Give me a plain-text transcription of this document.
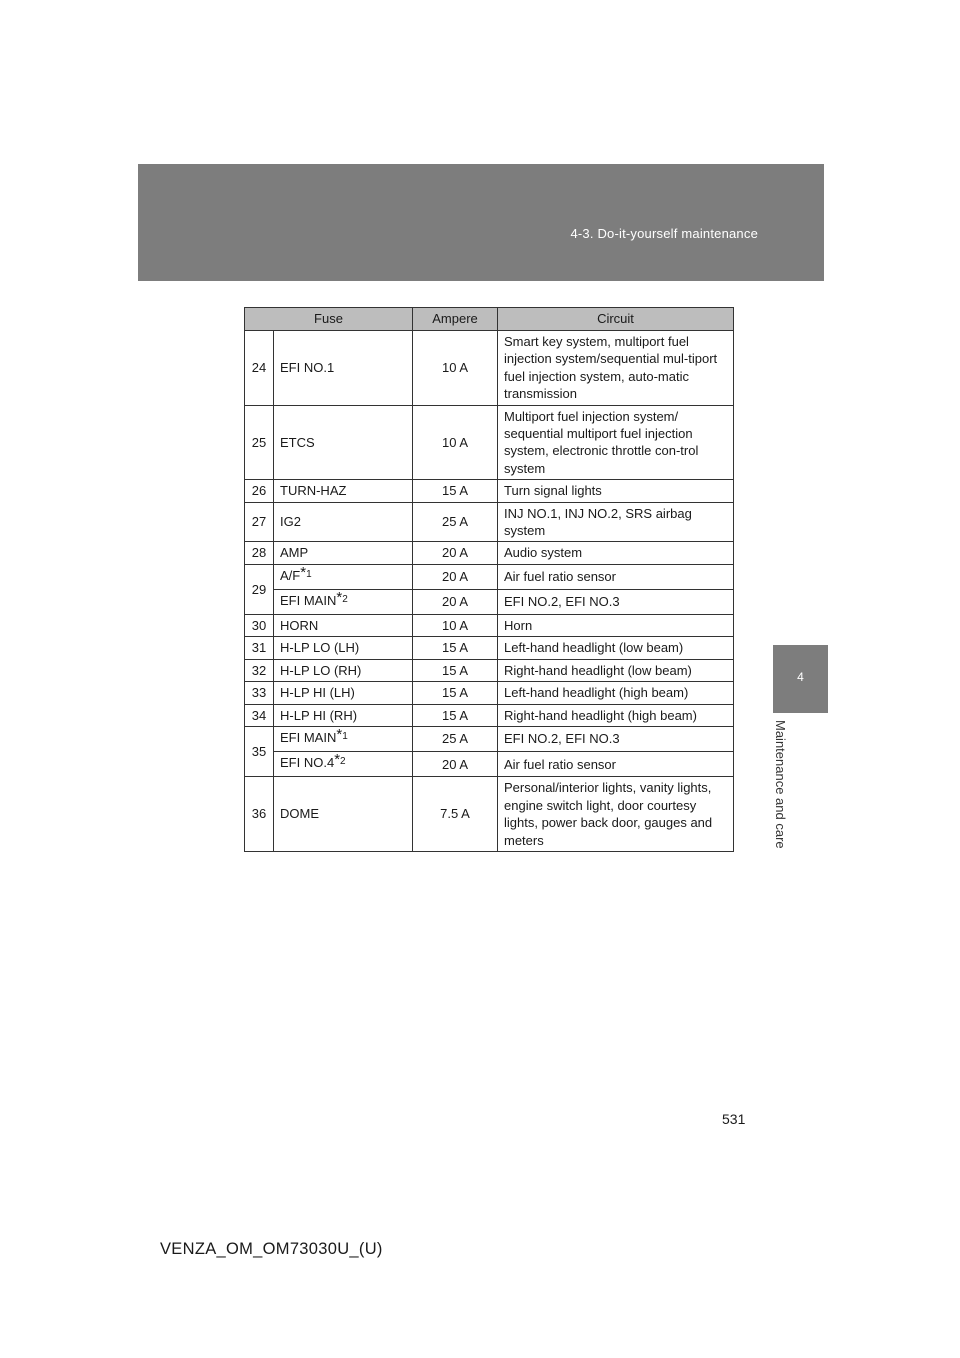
4-3. Do-it-yourself maintenance
4
Maintenance and care
Fuse		Ampere	Circuit
24	EFI NO.1	10 A	Smart key system, multiport fuel injection system/sequential mul-tiport fuel injection system, auto-matic transmission
25	ETCS	10 A	Multiport fuel injection system/ sequential multiport fuel injection system, electronic throttle con-trol system
26	TURN-HAZ	15 A	Turn signal lights
27	IG2	25 A	INJ NO.1, INJ NO.2, SRS airbag system
28	AMP	20 A	Audio system
29	$A/F^{*1}$	20 A	Air fuel ratio sensor
	EFI MAIN$^{*2}$	20 A	EFI NO.2, EFI NO.3
30	HORN	10 A	Horn
31	H-LP LO (LH)	15 A	Left-hand headlight (low beam)
32	H-LP LO (RH)	15 A	Right-hand headlight (low beam)
33	H-LP HI (LH)	15 A	Left-hand headlight (high beam)
34	H-LP HI (RH)	15 A	Right-hand headlight (high beam)
35	EFI MAIN$^{*1}$	25 A	EFI NO.2, EFI NO.3
	EFI NO.4$^{*2}$	20 A	Air fuel ratio sensor
36	DOME	7.5 A	Personal/interior lights, vanity lights, engine switch light, door courtesy lights, power back door, gauges and meters
531
VENZA_OM_OM73030U_(U)
